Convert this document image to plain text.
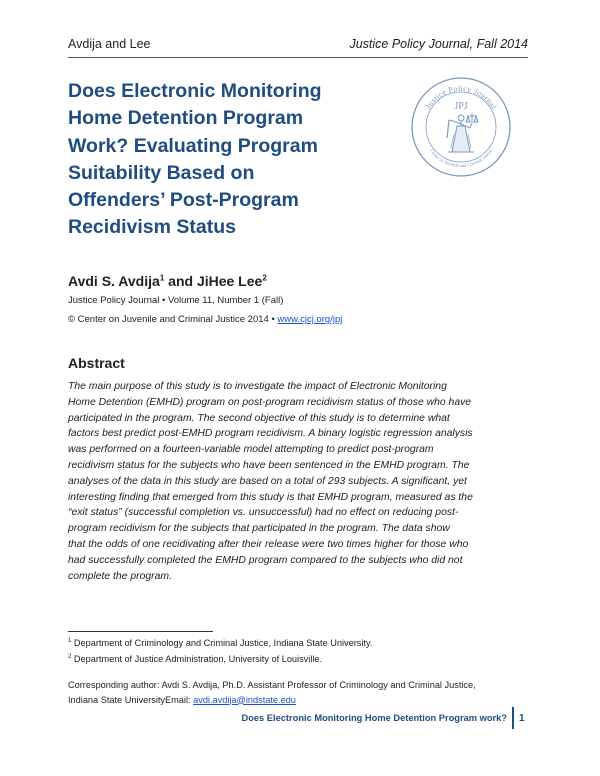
Avdija and Lee	Justice Policy Journal, Fall 2014
Does Electronic Monitoring
Home Detention Program
Work? Evaluating Program
Suitability Based on
Offenders’ Post-Program
Recidivism Status
Justice Policy Journal
Center on Juvenile and Criminal Justice
JPJ
Avdi S. Avdija$^1$ and JiHee Lee$^2$
Justice Policy Journal • Volume 11, Number 1 (Fall)
© Center on Juvenile and Criminal Justice 2014 • www.cjcj.org/jpj
Abstract
The main purpose of this study is to investigate the impact of Electronic Monitoring
Home Detention (EMHD) program on post-program recidivism status of those who have
participated in the program. The second objective of this study is to determine what
factors best predict post-EMHD program recidivism. A binary logistic regression analysis
was performed on a fourteen-variable model attempting to predict post-program
recidivism status for the subjects who have been sentenced in the EMHD program. The
analyses of the data in this study are based on a total of 293 subjects. A significant, yet
interesting finding that emerged from this study is that EMHD program, measured as the
“exit status” (successful completion vs. unsuccessful) had no effect on reducing post-
program recidivism for the subjects that participated in the program. The data show
that the odds of one recidivating after their release were two times higher for those who
had successfully completed the EMHD program compared to the subjects who did not
complete the program.
$^1$ Department of Criminology and Criminal Justice, Indiana State University.
$^2$ Department of Justice Administration, University of Louisville.
Corresponding author: Avdi S. Avdija, Ph.D. Assistant Professor of Criminology and Criminal Justice,
Indiana State UniversityEmail: avdi.avdija@indstate.edu
Does Electronic Monitoring Home Detention Program work? 1
